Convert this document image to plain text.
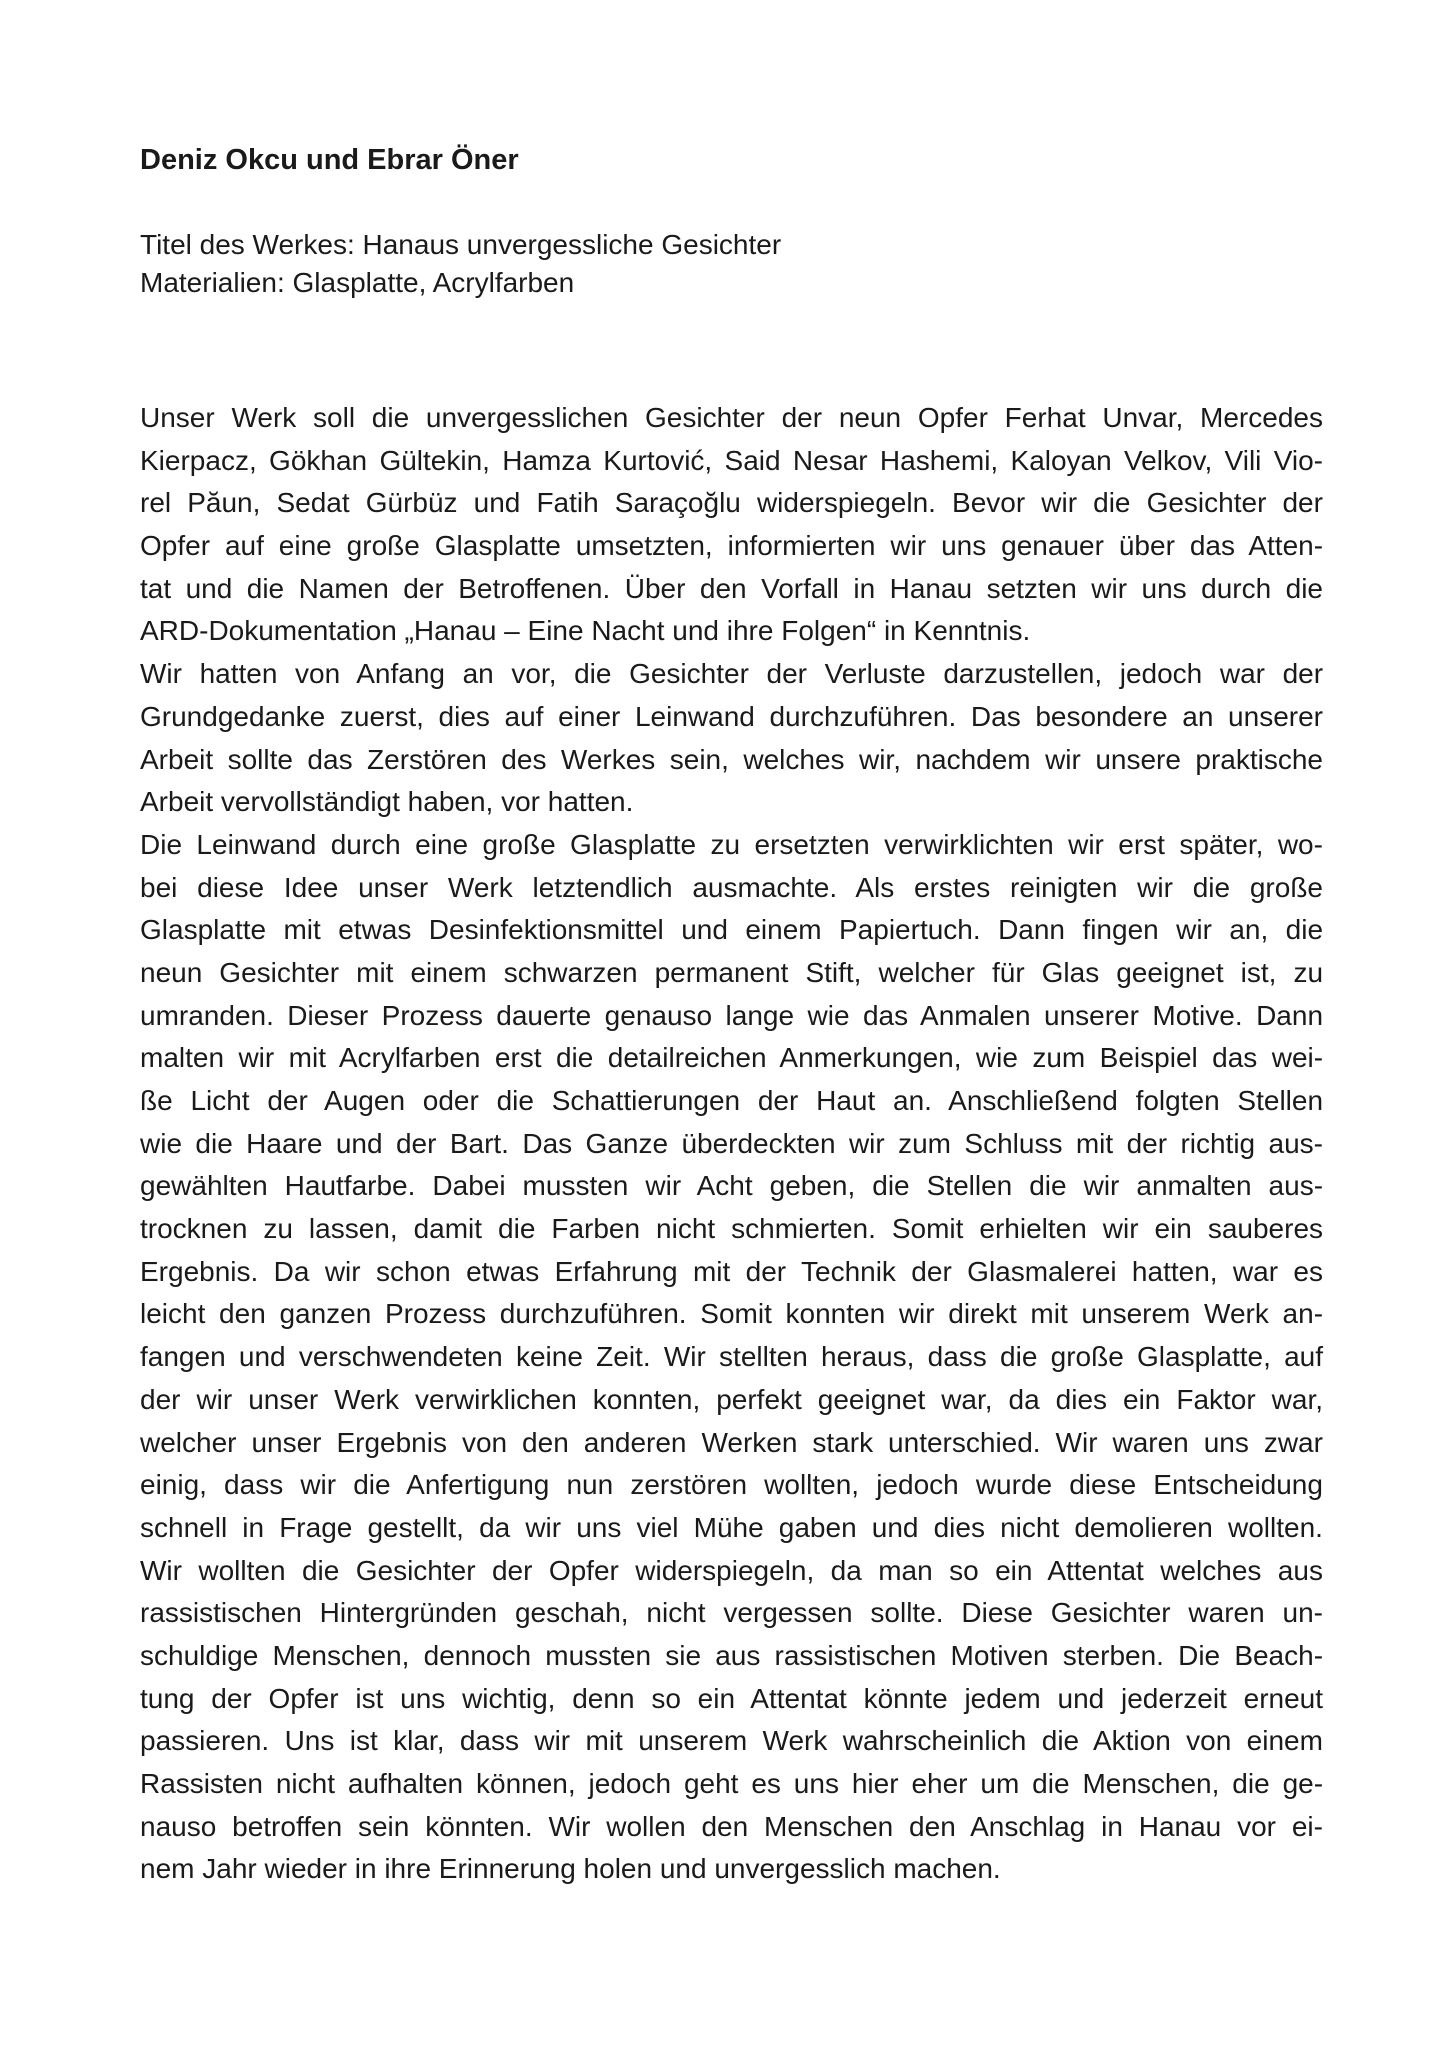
Deniz Okcu und Ebrar Öner
Titel des Werkes: Hanaus unvergessliche Gesichter
Materialien: Glasplatte, Acrylfarben
Unser Werk soll die unvergesslichen Gesichter der neun Opfer Ferhat Unvar, Mercedes
Kierpacz, Gökhan Gültekin, Hamza Kurtović, Said Nesar Hashemi, Kaloyan Velkov, Vili Vio-
rel Păun, Sedat Gürbüz und Fatih Saraçoğlu widerspiegeln. Bevor wir die Gesichter der
Opfer auf eine große Glasplatte umsetzten, informierten wir uns genauer über das Atten-
tat und die Namen der Betroffenen. Über den Vorfall in Hanau setzten wir uns durch die
ARD-Dokumentation „Hanau – Eine Nacht und ihre Folgen“ in Kenntnis.
Wir hatten von Anfang an vor, die Gesichter der Verluste darzustellen, jedoch war der
Grundgedanke zuerst, dies auf einer Leinwand durchzuführen. Das besondere an unserer
Arbeit sollte das Zerstören des Werkes sein, welches wir, nachdem wir unsere praktische
Arbeit vervollständigt haben, vor hatten.
Die Leinwand durch eine große Glasplatte zu ersetzten verwirklichten wir erst später, wo-
bei diese Idee unser Werk letztendlich ausmachte. Als erstes reinigten wir die große
Glasplatte mit etwas Desinfektionsmittel und einem Papiertuch. Dann fingen wir an, die
neun Gesichter mit einem schwarzen permanent Stift, welcher für Glas geeignet ist, zu
umranden. Dieser Prozess dauerte genauso lange wie das Anmalen unserer Motive. Dann
malten wir mit Acrylfarben erst die detailreichen Anmerkungen, wie zum Beispiel das wei-
ße Licht der Augen oder die Schattierungen der Haut an. Anschließend folgten Stellen
wie die Haare und der Bart. Das Ganze überdeckten wir zum Schluss mit der richtig aus-
gewählten Hautfarbe. Dabei mussten wir Acht geben, die Stellen die wir anmalten aus-
trocknen zu lassen, damit die Farben nicht schmierten. Somit erhielten wir ein sauberes
Ergebnis. Da wir schon etwas Erfahrung mit der Technik der Glasmalerei hatten, war es
leicht den ganzen Prozess durchzuführen. Somit konnten wir direkt mit unserem Werk an-
fangen und verschwendeten keine Zeit. Wir stellten heraus, dass die große Glasplatte, auf
der wir unser Werk verwirklichen konnten, perfekt geeignet war, da dies ein Faktor war,
welcher unser Ergebnis von den anderen Werken stark unterschied. Wir waren uns zwar
einig, dass wir die Anfertigung nun zerstören wollten, jedoch wurde diese Entscheidung
schnell in Frage gestellt, da wir uns viel Mühe gaben und dies nicht demolieren wollten.
Wir wollten die Gesichter der Opfer widerspiegeln, da man so ein Attentat welches aus
rassistischen Hintergründen geschah, nicht vergessen sollte. Diese Gesichter waren un-
schuldige Menschen, dennoch mussten sie aus rassistischen Motiven sterben. Die Beach-
tung der Opfer ist uns wichtig, denn so ein Attentat könnte jedem und jederzeit erneut
passieren. Uns ist klar, dass wir mit unserem Werk wahrscheinlich die Aktion von einem
Rassisten nicht aufhalten können, jedoch geht es uns hier eher um die Menschen, die ge-
nauso betroffen sein könnten. Wir wollen den Menschen den Anschlag in Hanau vor ei-
nem Jahr wieder in ihre Erinnerung holen und unvergesslich machen.
